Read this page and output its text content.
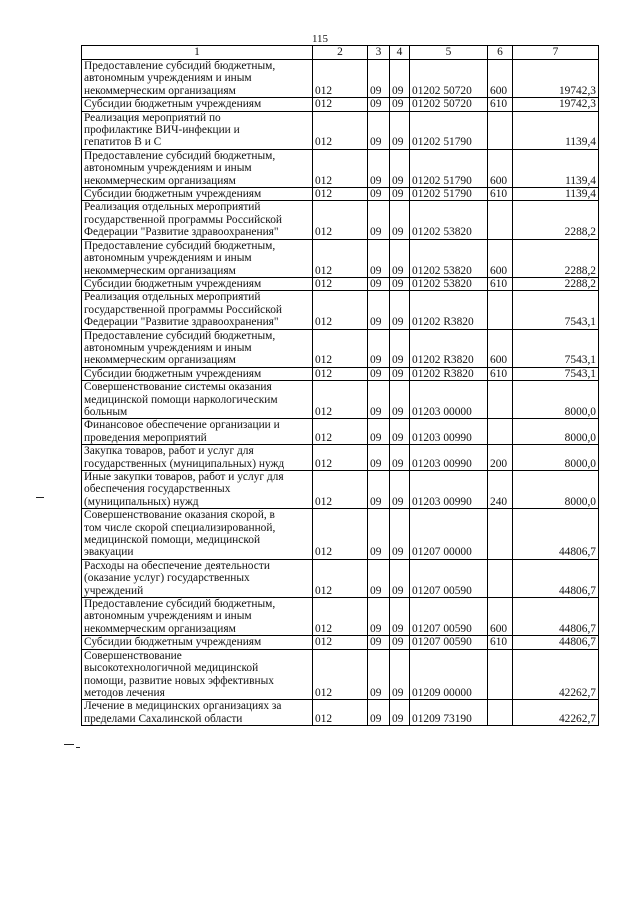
115
1	2	3	4	5	6	7
Предоставление субсидий бюджетным,
автономным учреждениям и иным
некоммерческим организациям	012	09	09	01202 50720	600	19742,3
Субсидии бюджетным учреждениям	012	09	09	01202 50720	610	19742,3
Реализация мероприятий по
профилактике ВИЧ-инфекции и
гепатитов В и С	012	09	09	01202 51790		1139,4
Предоставление субсидий бюджетным,
автономным учреждениям и иным
некоммерческим организациям	012	09	09	01202 51790	600	1139,4
Субсидии бюджетным учреждениям	012	09	09	01202 51790	610	1139,4
Реализация отдельных мероприятий
государственной программы Российской
Федерации "Развитие здравоохранения"	012	09	09	01202 53820		2288,2
Предоставление субсидий бюджетным,
автономным учреждениям и иным
некоммерческим организациям	012	09	09	01202 53820	600	2288,2
Субсидии бюджетным учреждениям	012	09	09	01202 53820	610	2288,2
Реализация отдельных мероприятий
государственной программы Российской
Федерации "Развитие здравоохранения"	012	09	09	01202 R3820		7543,1
Предоставление субсидий бюджетным,
автономным учреждениям и иным
некоммерческим организациям	012	09	09	01202 R3820	600	7543,1
Субсидии бюджетным учреждениям	012	09	09	01202 R3820	610	7543,1
Совершенствование системы оказания
медицинской помощи наркологическим
больным	012	09	09	01203 00000		8000,0
Финансовое обеспечение организации и
проведения мероприятий	012	09	09	01203 00990		8000,0
Закупка товаров, работ и услуг для
государственных (муниципальных) нужд	012	09	09	01203 00990	200	8000,0
Иные закупки товаров, работ и услуг для
обеспечения государственных
(муниципальных) нужд	012	09	09	01203 00990	240	8000,0
Совершенствование оказания скорой, в
том числе скорой специализированной,
медицинской помощи, медицинской
эвакуации	012	09	09	01207 00000		44806,7
Расходы на обеспечение деятельности
(оказание услуг) государственных
учреждений	012	09	09	01207 00590		44806,7
Предоставление субсидий бюджетным,
автономным учреждениям и иным
некоммерческим организациям	012	09	09	01207 00590	600	44806,7
Субсидии бюджетным учреждениям	012	09	09	01207 00590	610	44806,7
Совершенствование
высокотехнологичной медицинской
помощи, развитие новых эффективных
методов лечения	012	09	09	01209 00000		42262,7
Лечение в медицинских организациях за
пределами Сахалинской области	012	09	09	01209 73190		42262,7
